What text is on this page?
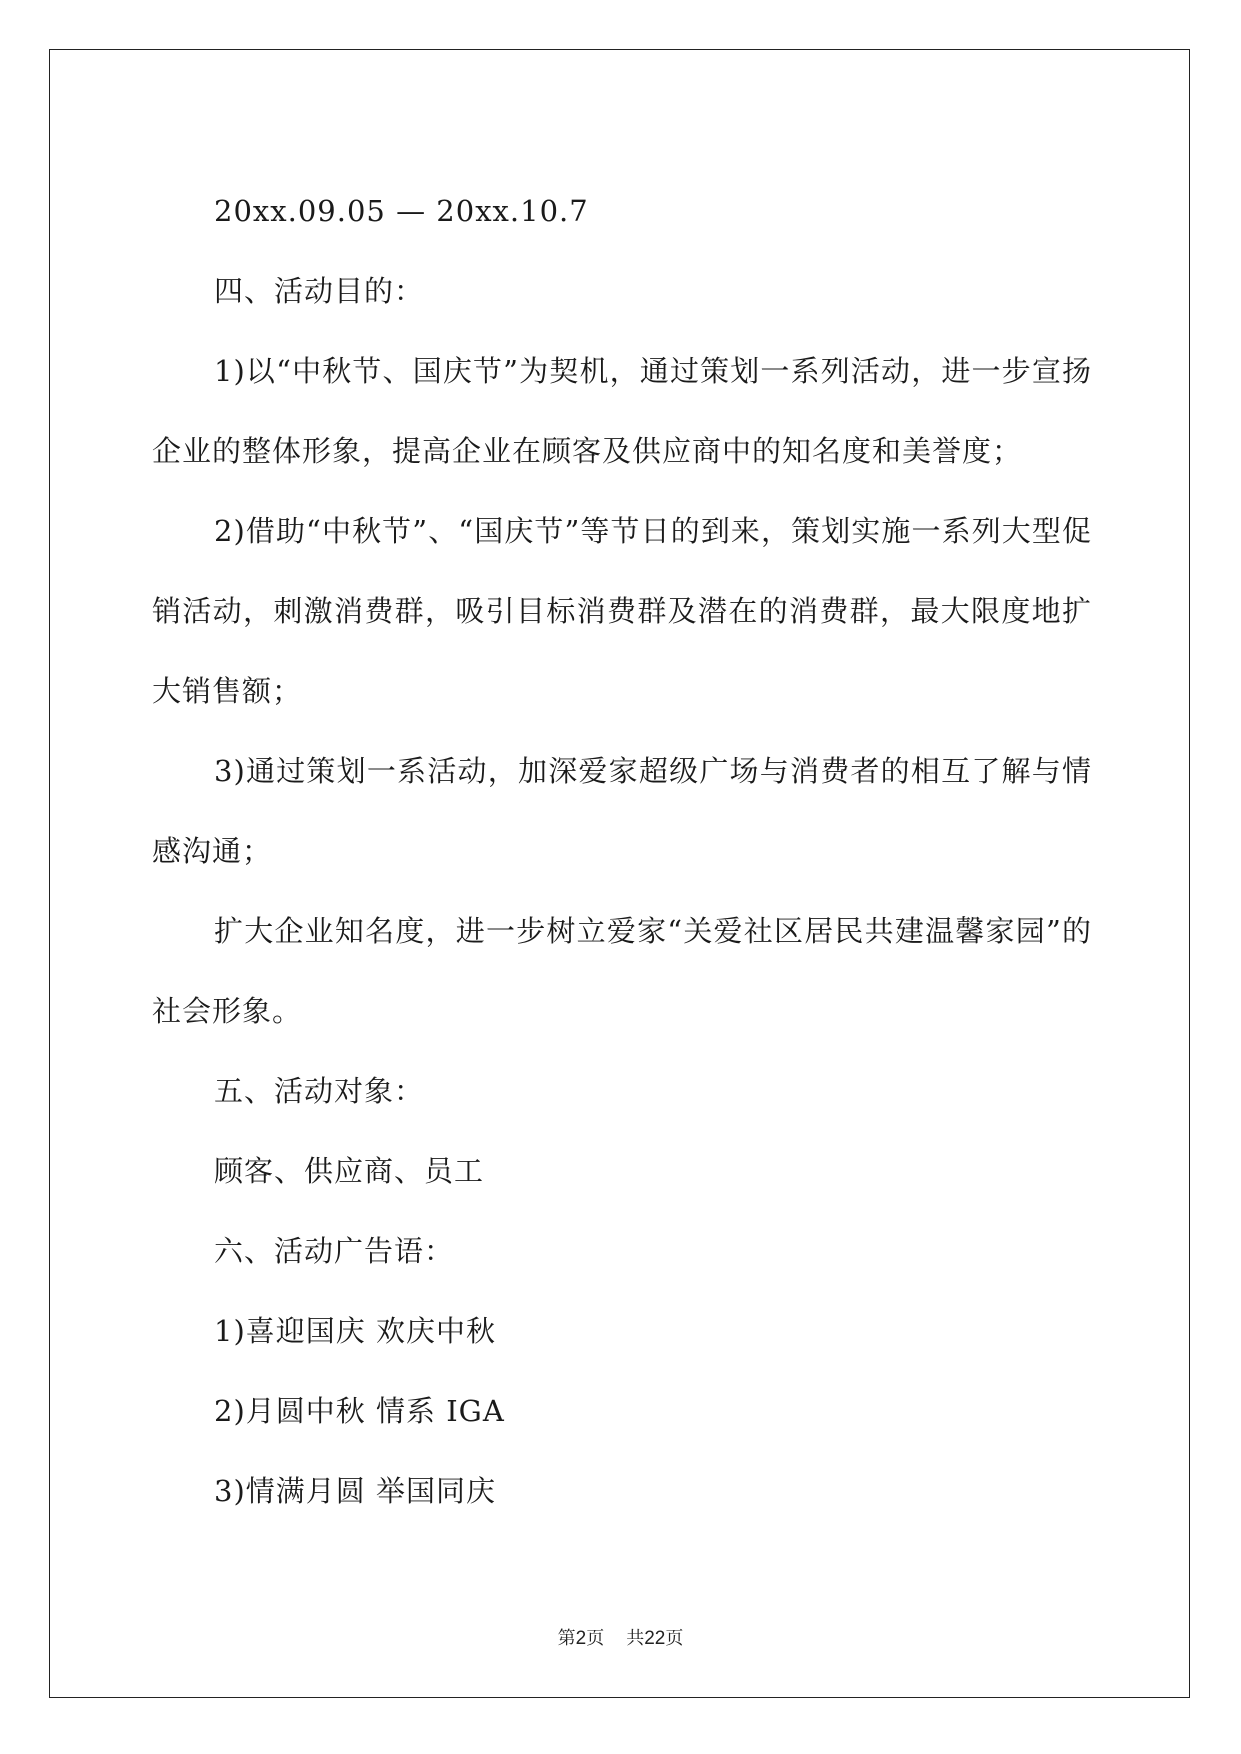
20xx.09.05 — 20xx.10.7

四、活动目的：

1)以“中秋节、国庆节”为契机，通过策划一系列活动，进一步宣扬企业的整体形象，提高企业在顾客及供应商中的知名度和美誉度；

2)借助“中秋节”、“国庆节”等节日的到来，策划实施一系列大型促销活动，刺激消费群，吸引目标消费群及潜在的消费群，最大限度地扩大销售额；

3)通过策划一系活动，加深爱家超级广场与消费者的相互了解与情感沟通；

扩大企业知名度，进一步树立爱家“关爱社区居民共建温馨家园”的社会形象。

五、活动对象：

顾客、供应商、员工

六、活动广告语：

1)喜迎国庆 欢庆中秋

2)月圆中秋 情系 IGA

3)情满月圆 举国同庆

第2页 共22页
